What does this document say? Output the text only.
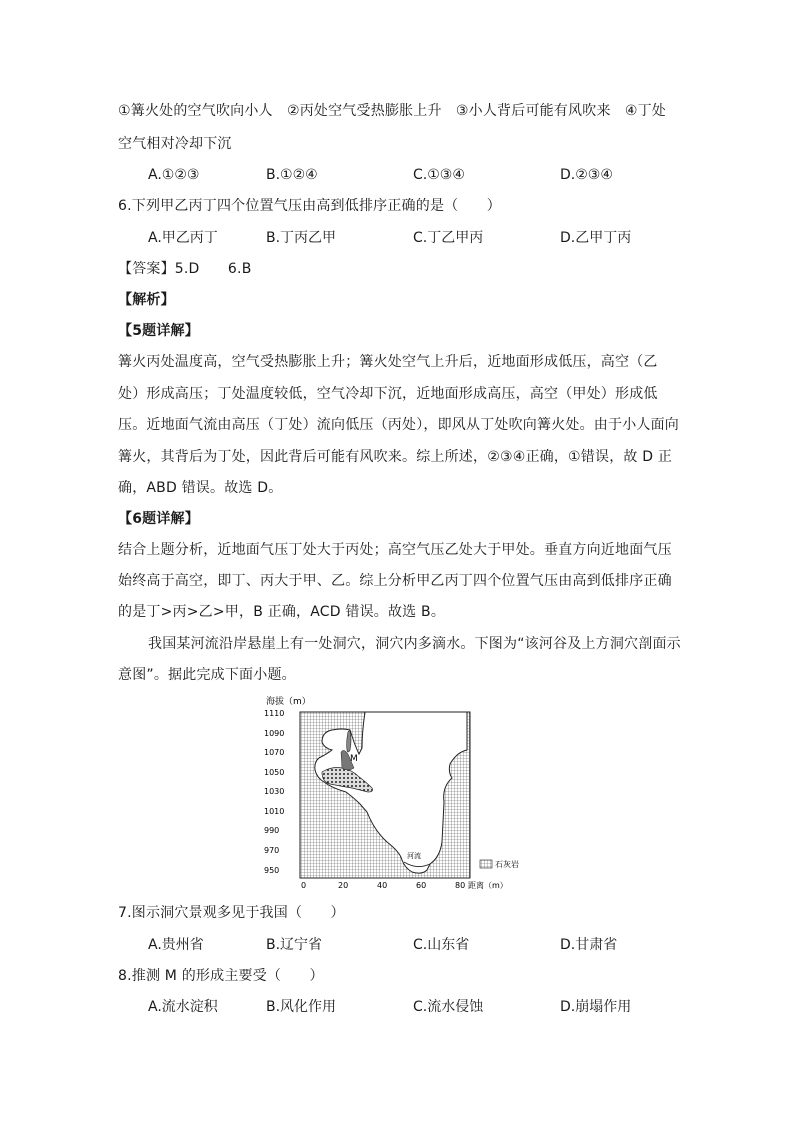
①篝火处的空气吹向小人　②丙处空气受热膨胀上升　③小人背后可能有风吹来　④丁处
空气相对冷却下沉
A.①②③	B.①②④	C.①③④	D.②③④
6.下列甲乙丙丁四个位置气压由高到低排序正确的是（　　）
A.甲乙丙丁	B.丁丙乙甲	C.丁乙甲丙	D.乙甲丁丙
【答案】5.D　　6.B
【解析】
【5题详解】
篝火丙处温度高，空气受热膨胀上升；篝火处空气上升后，近地面形成低压，高空（乙
处）形成高压；丁处温度较低，空气冷却下沉，近地面形成高压，高空（甲处）形成低
压。近地面气流由高压（丁处）流向低压（丙处），即风从丁处吹向篝火处。由于小人面向
篝火，其背后为丁处，因此背后可能有风吹来。综上所述，②③④正确，①错误，故 D 正
确，ABD 错误。故选 D。
【6题详解】
结合上题分析，近地面气压丁处大于丙处；高空气压乙处大于甲处。垂直方向近地面气压
始终高于高空，即丁、丙大于甲、乙。综上分析甲乙丙丁四个位置气压由高到低排序正确
的是丁>丙>乙>甲，B 正确，ACD 错误。故选 B。
我国某河流沿岸悬崖上有一处洞穴，洞穴内多滴水。下图为“该河谷及上方洞穴剖面示
意图”。据此完成下面小题。
海拔（m）
M
河流
1110
1090
1070
1050
1030
1010
990
970
950
0	20	40	60	80 距离（m）
石灰岩
7.图示洞穴景观多见于我国（　　）
A.贵州省	B.辽宁省	C.山东省	D.甘肃省
8.推测 M 的形成主要受（　　）
A.流水淀积	B.风化作用	C.流水侵蚀	D.崩塌作用
